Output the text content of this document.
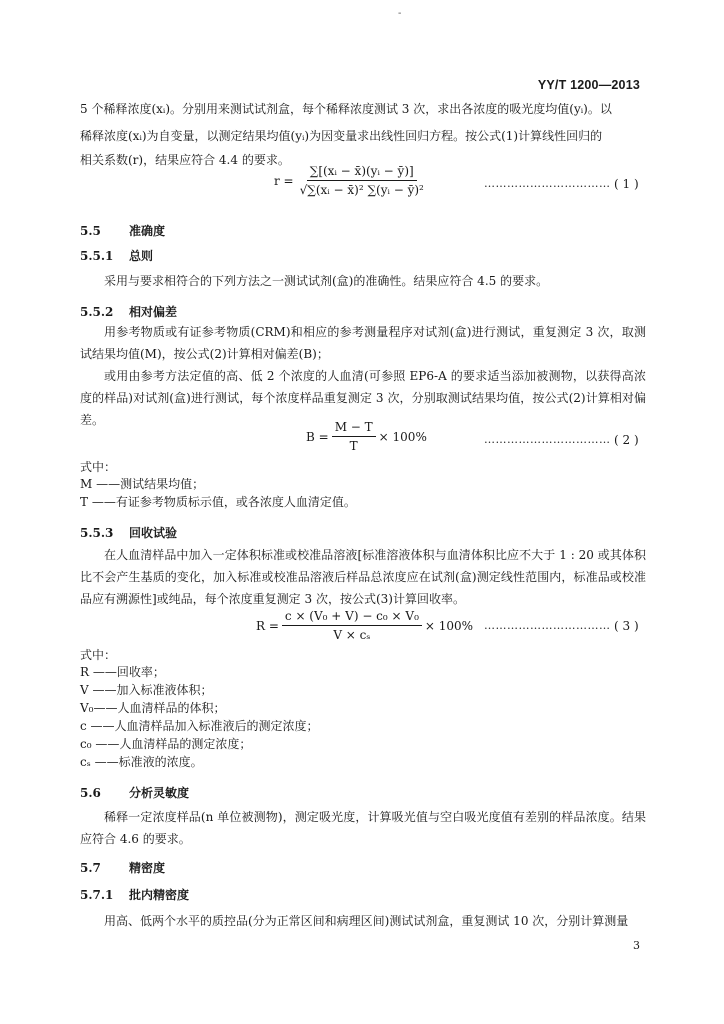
-
YY/T 1200—2013
5 个稀释浓度(xᵢ)。分别用来测试试剂盒，每个稀释浓度测试 3 次，求出各浓度的吸光度均值(yᵢ)。以
稀释浓度(xᵢ)为自变量，以测定结果均值(yᵢ)为因变量求出线性回归方程。按公式(1)计算线性回归的
相关系数(r)，结果应符合 4.4 的要求。
$r = \frac{\text{∑[(xᵢ − x̄)(yᵢ − ȳ)]}}{\text{√∑(xᵢ − x̄)² ∑(yᵢ − ȳ)²}}$	…………………………… ( 1 )
5.5 准确度
5.5.1 总则
采用与要求相符合的下列方法之一测试试剂(盒)的准确性。结果应符合 4.5 的要求。
5.5.2 相对偏差
用参考物质或有证参考物质(CRM)和相应的参考测量程序对试剂(盒)进行测试，重复测定 3 次，取测试结果均值(M)，按公式(2)计算相对偏差(B)；
或用由参考方法定值的高、低 2 个浓度的人血清(可参照 EP6-A 的要求适当添加被测物，以获得高浓度的样品)对试剂(盒)进行测试，每个浓度样品重复测定 3 次，分别取测试结果均值，按公式(2)计算相对偏差。
$B = \frac{M - T}{T} \times 100\%$	…………………………… ( 2 )
式中：
M ——测试结果均值；
T ——有证参考物质标示值，或各浓度人血清定值。
5.5.3 回收试验
在人血清样品中加入一定体积标准或校准品溶液[标准溶液体积与血清体积比应不大于 1 : 20 或其体积比不会产生基质的变化，加入标准或校准品溶液后样品总浓度应在试剂(盒)测定线性范围内，标准品或校准品应有溯源性]或纯品，每个浓度重复测定 3 次，按公式(3)计算回收率。
$R = \frac{\text{c × (V₀ + V) − c₀ × V₀}}{\text{V × cₛ}} \times 100\%$ …………………………… ( 3 )
式中：
R ——回收率；
V ——加入标准液体积；
V₀——人血清样品的体积；
c ——人血清样品加入标准液后的测定浓度；
c₀ ——人血清样品的测定浓度；
cₛ ——标准液的浓度。
5.6 分析灵敏度
稀释一定浓度样品(n 单位被测物)，测定吸光度，计算吸光值与空白吸光度值有差别的样品浓度。结果应符合 4.6 的要求。
5.7 精密度
5.7.1 批内精密度
用高、低两个水平的质控品(分为正常区间和病理区间)测试试剂盒，重复测试 10 次，分别计算测量
3
